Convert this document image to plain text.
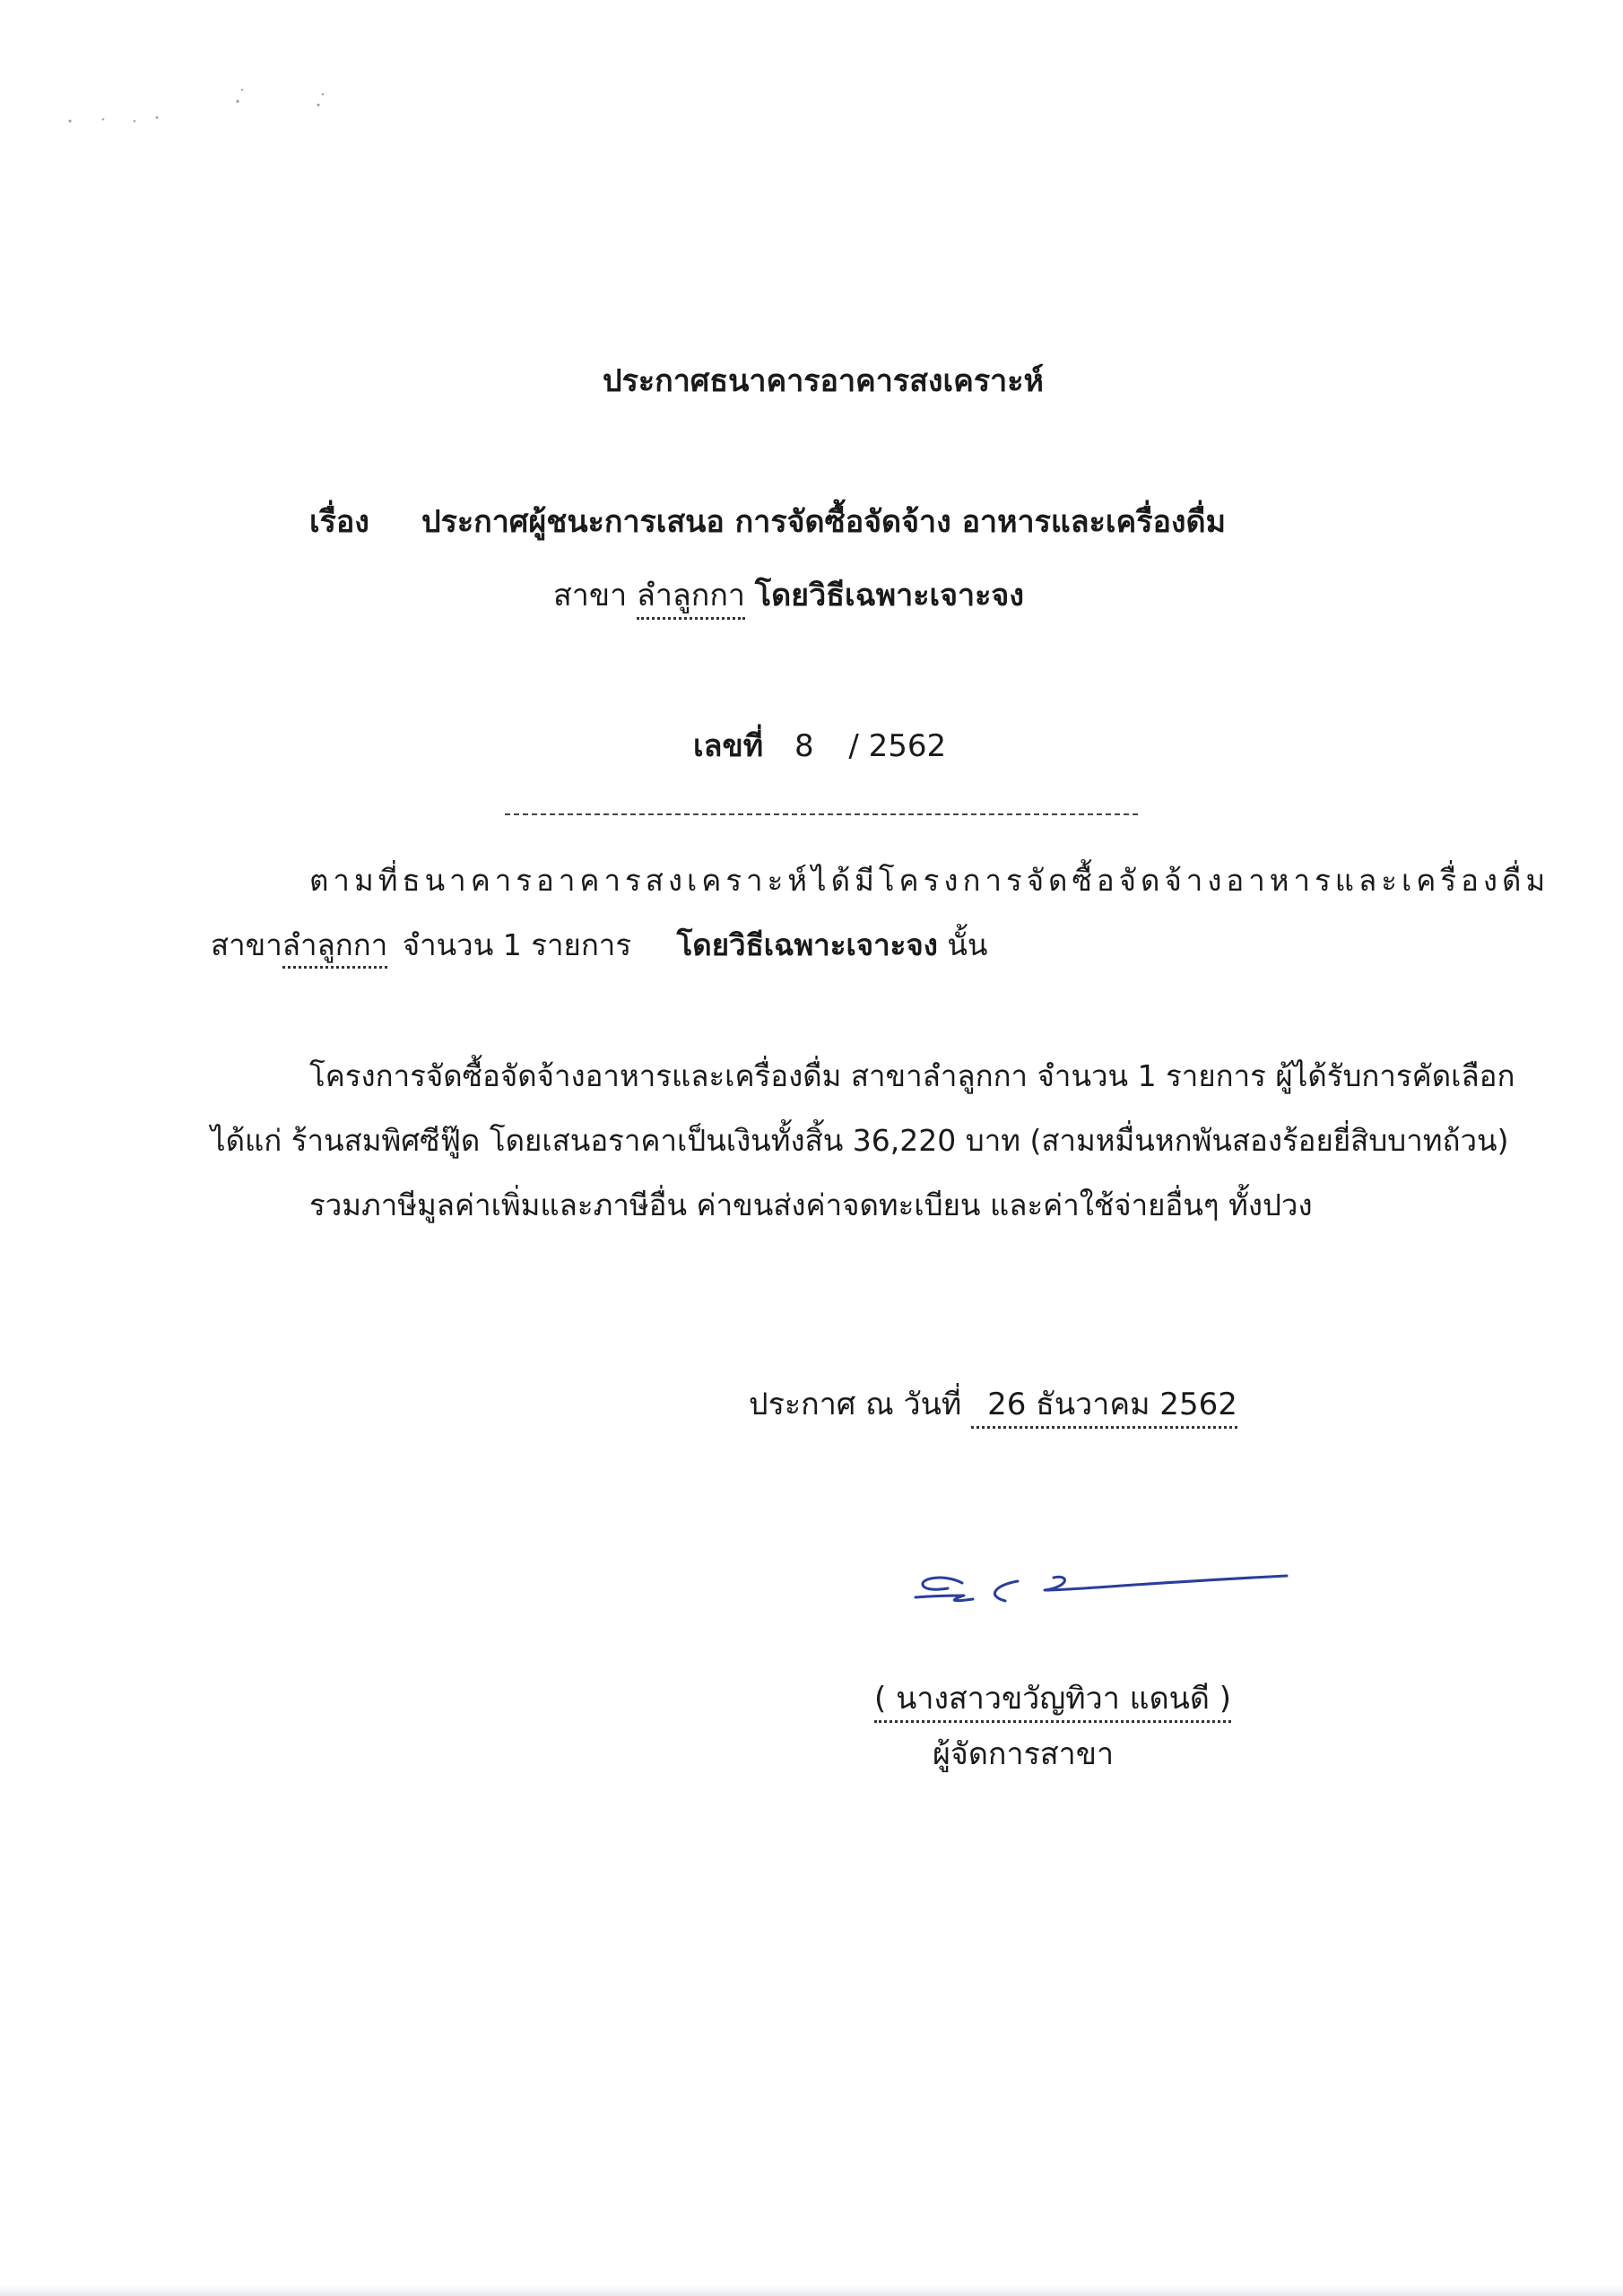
ประกาศธนาคารอาคารสงเคราะห์
เรื่อง ประกาศผู้ชนะการเสนอ การจัดซื้อจัดจ้าง อาหารและเครื่องดื่ม
สาขา ลำลูกกา โดยวิธีเฉพาะเจาะจง
เลขที่ 8 / 2562
ตามที่ธนาคารอาคารสงเคราะห์ได้มีโครงการจัดซื้อจัดจ้างอาหารและเครื่องดื่ม
สาขาลำลูกกา จำนวน 1 รายการ โดยวิธีเฉพาะเจาะจง นั้น
โครงการจัดซื้อจัดจ้างอาหารและเครื่องดื่ม สาขาลำลูกกา จำนวน 1 รายการ ผู้ได้รับการคัดเลือก
ได้แก่ ร้านสมพิศซีฟู๊ด โดยเสนอราคาเป็นเงินทั้งสิ้น 36,220 บาท (สามหมื่นหกพันสองร้อยยี่สิบบาทถ้วน)
รวมภาษีมูลค่าเพิ่มและภาษีอื่น ค่าขนส่งค่าจดทะเบียน และค่าใช้จ่ายอื่นๆ ทั้งปวง
ประกาศ ณ วันที่ 26 ธันวาคม 2562
( นางสาวขวัญทิวา แดนดี )
ผู้จัดการสาขา
